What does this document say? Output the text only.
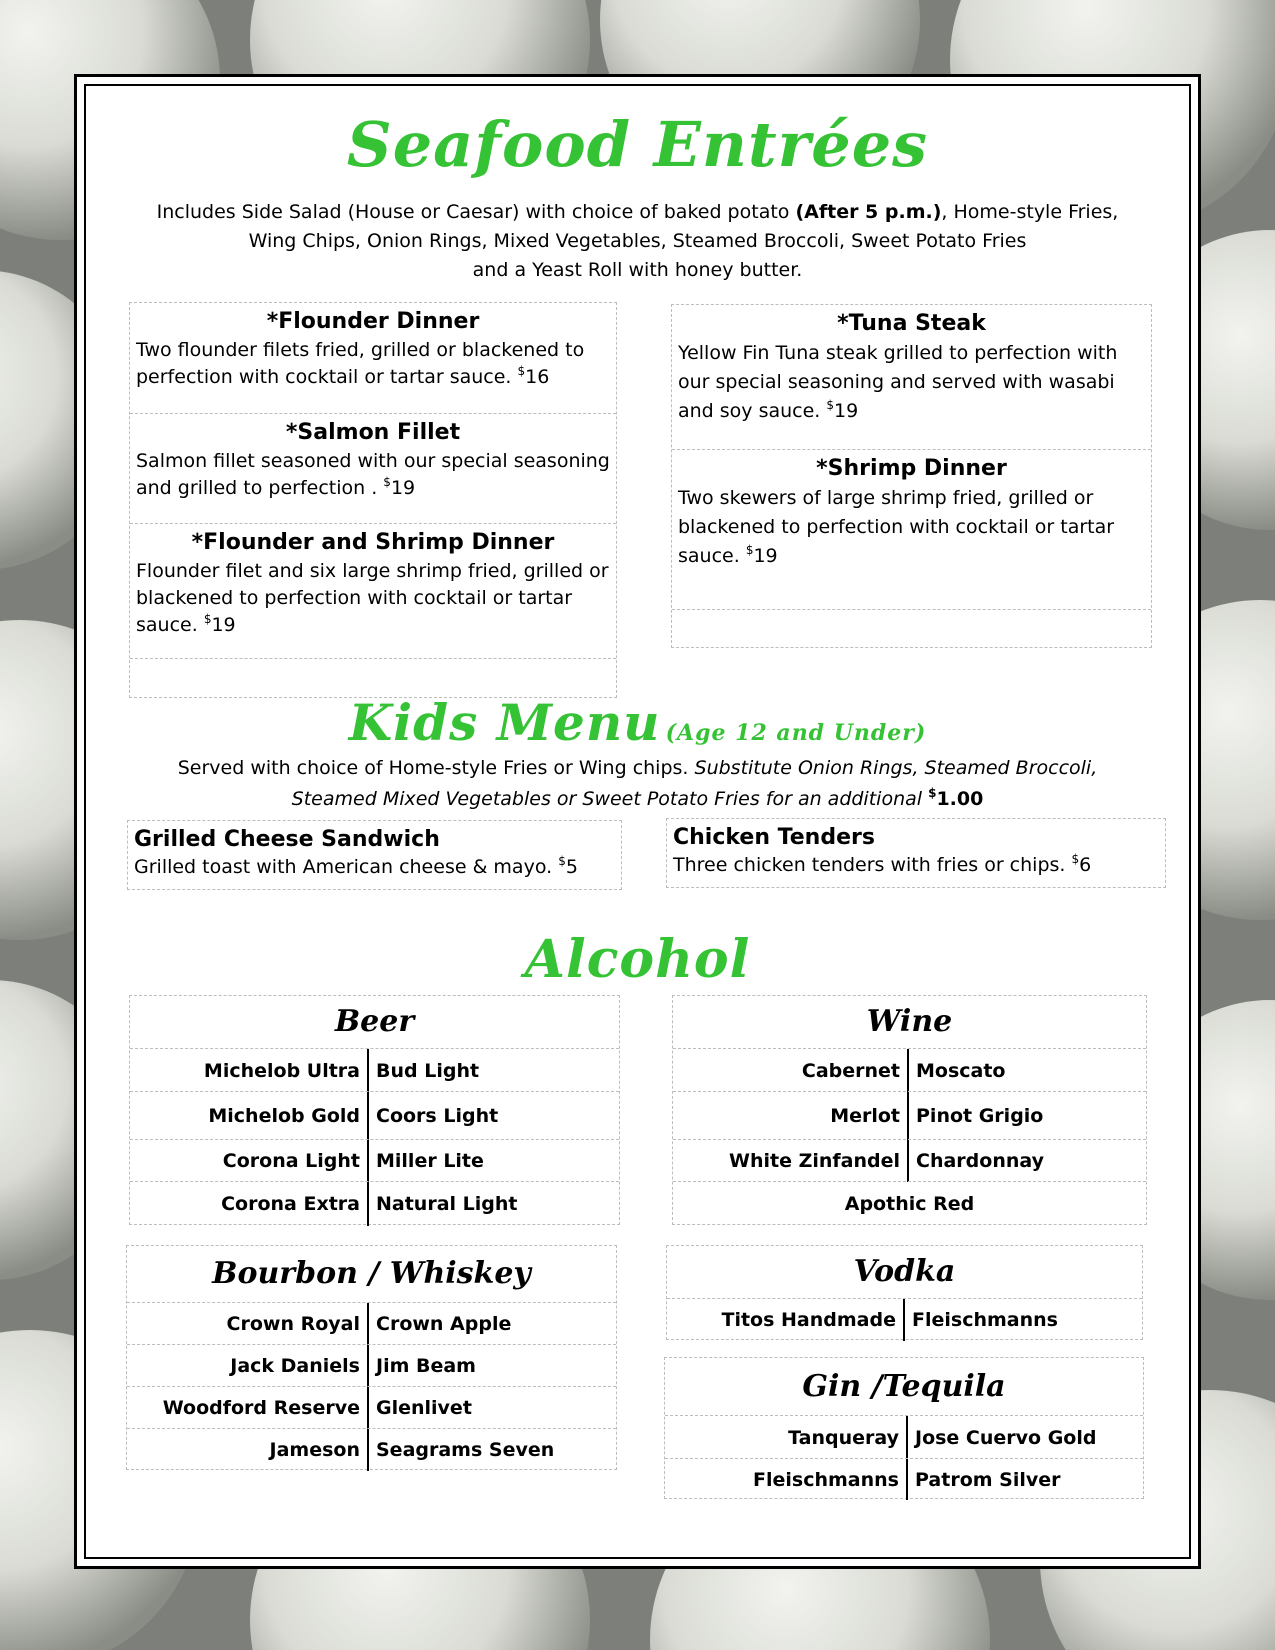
Seafood Entrées
Includes Side Salad (House or Caesar) with choice of baked potato (After 5 p.m.), Home-style Fries,
Wing Chips, Onion Rings, Mixed Vegetables, Steamed Broccoli, Sweet Potato Fries
and a Yeast Roll with honey butter.
*Flounder Dinner
Two flounder filets fried, grilled or blackened to perfection with cocktail or tartar sauce. $16
*Salmon Fillet
Salmon fillet seasoned with our special seasoning and grilled to perfection . $19
*Flounder and Shrimp Dinner
Flounder filet and six large shrimp fried, grilled or blackened to perfection with cocktail or tartar sauce. $19
*Tuna Steak
Yellow Fin Tuna steak grilled to perfection with our special seasoning and served with wasabi and soy sauce. $19
*Shrimp Dinner
Two skewers of large shrimp fried, grilled or blackened to perfection with cocktail or tartar sauce. $19
Kids Menu (Age 12 and Under)
Served with choice of Home-style Fries or Wing chips. Substitute Onion Rings, Steamed Broccoli,
Steamed Mixed Vegetables or Sweet Potato Fries for an additional $1.00
Grilled Cheese Sandwich
Grilled toast with American cheese & mayo. $5
Chicken Tenders
Three chicken tenders with fries or chips. $6
Alcohol
Beer
Michelob Ultra Bud Light
Michelob Gold Coors Light
Corona Light Miller Lite
Corona Extra Natural Light
Wine
Cabernet Moscato
Merlot Pinot Grigio
White Zinfandel Chardonnay
Apothic Red
Bourbon / Whiskey
Crown Royal Crown Apple
Jack Daniels Jim Beam
Woodford Reserve Glenlivet
Jameson Seagrams Seven
Vodka
Titos Handmade Fleischmanns
Gin /Tequila
Tanqueray Jose Cuervo Gold
Fleischmanns Patrom Silver
